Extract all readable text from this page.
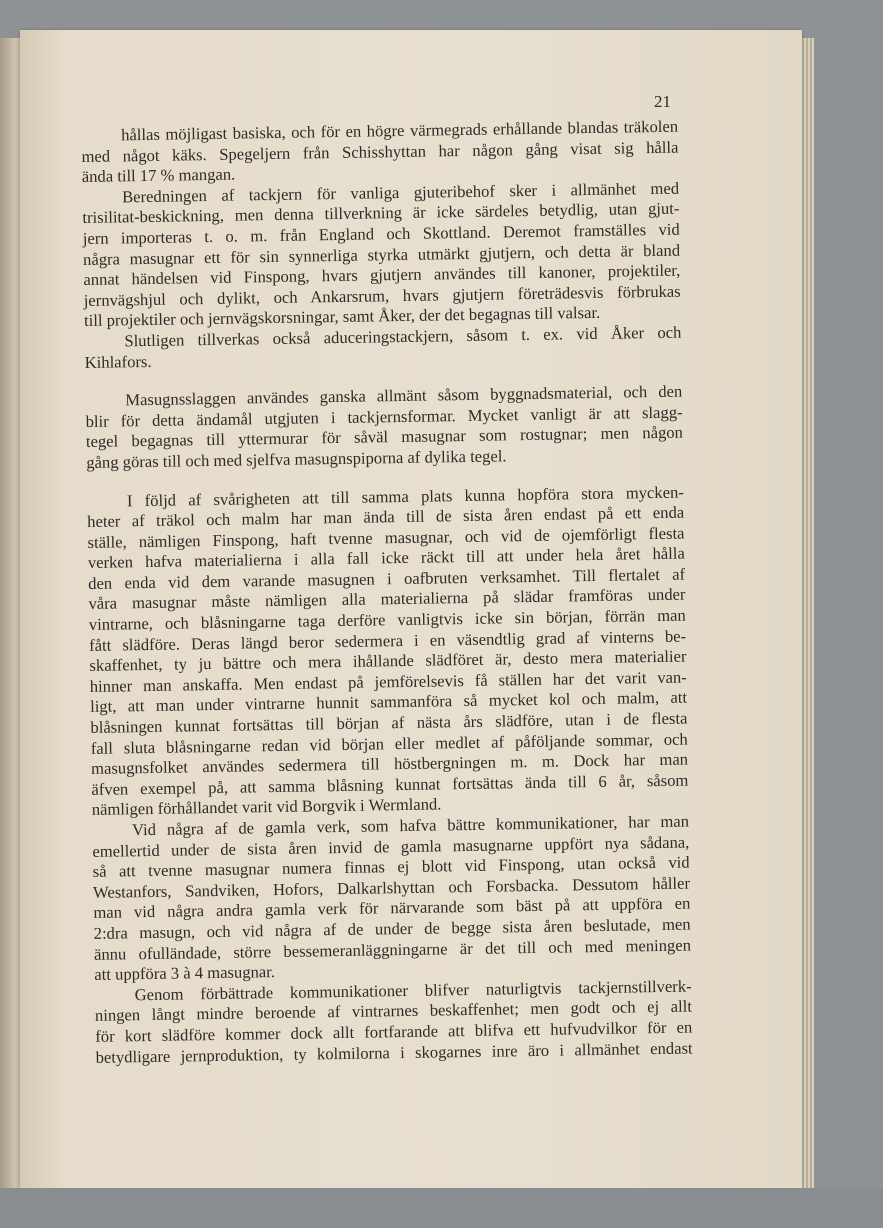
21
hållas möjligast basiska, och för en högre värmegrads erhållande blandas träkolen
med något käks. Spegeljern från Schisshyttan har någon gång visat sig hålla
ända till 17 % mangan.
Beredningen af tackjern för vanliga gjuteribehof sker i allmänhet med
trisilitat-beskickning, men denna tillverkning är icke särdeles betydlig, utan gjut-
jern importeras t. o. m. från England och Skottland. Deremot framställes vid
några masugnar ett för sin synnerliga styrka utmärkt gjutjern, och detta är bland
annat händelsen vid Finspong, hvars gjutjern användes till kanoner, projektiler,
jernvägshjul och dylikt, och Ankarsrum, hvars gjutjern företrädesvis förbrukas
till projektiler och jernvägskorsningar, samt Åker, der det begagnas till valsar.
Slutligen tillverkas också aduceringstackjern, såsom t. ex. vid Åker och
Kihlafors.
Masugnsslaggen användes ganska allmänt såsom byggnadsmaterial, och den
blir för detta ändamål utgjuten i tackjernsformar. Mycket vanligt är att slagg-
tegel begagnas till yttermurar för såväl masugnar som rostugnar; men någon
gång göras till och med sjelfva masugnspiporna af dylika tegel.
I följd af svårigheten att till samma plats kunna hopföra stora mycken-
heter af träkol och malm har man ända till de sista åren endast på ett enda
ställe, nämligen Finspong, haft tvenne masugnar, och vid de ojemförligt flesta
verken hafva materialierna i alla fall icke räckt till att under hela året hålla
den enda vid dem varande masugnen i oafbruten verksamhet. Till flertalet af
våra masugnar måste nämligen alla materialierna på slädar framföras under
vintrarne, och blåsningarne taga derföre vanligtvis icke sin början, förrän man
fått slädföre. Deras längd beror sedermera i en väsendtlig grad af vinterns be-
skaffenhet, ty ju bättre och mera ihållande slädföret är, desto mera materialier
hinner man anskaffa. Men endast på jemförelsevis få ställen har det varit van-
ligt, att man under vintrarne hunnit sammanföra så mycket kol och malm, att
blåsningen kunnat fortsättas till början af nästa års slädföre, utan i de flesta
fall sluta blåsningarne redan vid början eller medlet af påföljande sommar, och
masugnsfolket användes sedermera till höstbergningen m. m. Dock har man
äfven exempel på, att samma blåsning kunnat fortsättas ända till 6 år, såsom
nämligen förhållandet varit vid Borgvik i Wermland.
Vid några af de gamla verk, som hafva bättre kommunikationer, har man
emellertid under de sista åren invid de gamla masugnarne uppfört nya sådana,
så att tvenne masugnar numera finnas ej blott vid Finspong, utan också vid
Westanfors, Sandviken, Hofors, Dalkarlshyttan och Forsbacka. Dessutom håller
man vid några andra gamla verk för närvarande som bäst på att uppföra en
2:dra masugn, och vid några af de under de begge sista åren beslutade, men
ännu ofulländade, större bessemeranläggningarne är det till och med meningen
att uppföra 3 à 4 masugnar.
Genom förbättrade kommunikationer blifver naturligtvis tackjernstillverk-
ningen långt mindre beroende af vintrarnes beskaffenhet; men godt och ej allt
för kort slädföre kommer dock allt fortfarande att blifva ett hufvudvilkor för en
betydligare jernproduktion, ty kolmilorna i skogarnes inre äro i allmänhet endast
